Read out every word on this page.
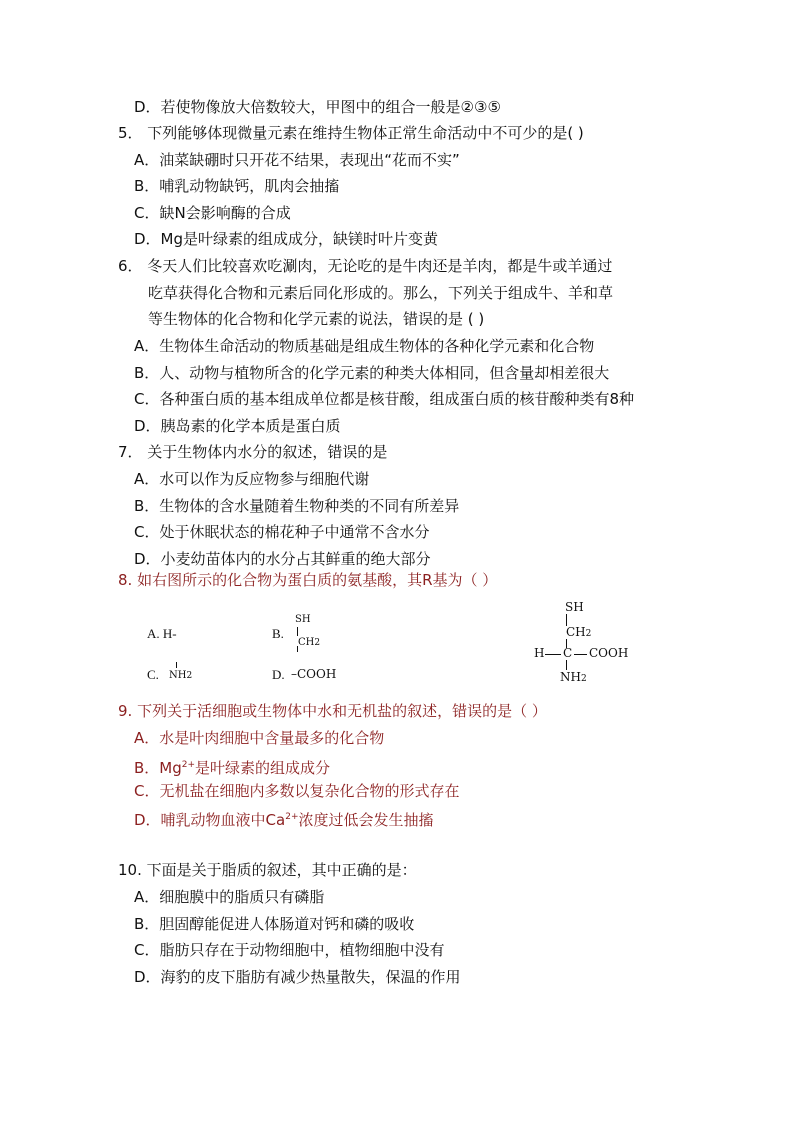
D．若使物像放大倍数较大，甲图中的组合一般是②③⑤
5． 下列能够体现微量元素在维持生物体正常生命活动中不可少的是( )
A．油菜缺硼时只开花不结果，表现出“花而不实”
B．哺乳动物缺钙，肌肉会抽搐
C．缺N会影响酶的合成
D．Mg是叶绿素的组成成分，缺镁时叶片变黄
6． 冬天人们比较喜欢吃涮肉，无论吃的是牛肉还是羊肉，都是牛或羊通过
吃草获得化合物和元素后同化形成的。那么，下列关于组成牛、羊和草
等生物体的化合物和化学元素的说法，错误的是 ( )
A．生物体生命活动的物质基础是组成生物体的各种化学元素和化合物
B．人、动物与植物所含的化学元素的种类大体相同，但含量却相差很大
C．各种蛋白质的基本组成单位都是核苷酸，组成蛋白质的核苷酸种类有8种
D．胰岛素的化学本质是蛋白质
7． 关于生物体内水分的叙述，错误的是
A．水可以作为反应物参与细胞代谢
B．生物体的含水量随着生物种类的不同有所差异
C．处于休眠状态的棉花种子中通常不含水分
D．小麦幼苗体内的水分占其鲜重的绝大部分
8. 如右图所示的化合物为蛋白质的氨基酸，其R基为（ ）
A. H-	B.
SH
CH2
C. NH2	D. –COOH
SH
CH2
H C COOH
NH2
9. 下列关于活细胞或生物体中水和无机盐的叙述，错误的是（ ）
A．水是叶肉细胞中含量最多的化合物
B．$Mg^{2+}$是叶绿素的组成成分
C．无机盐在细胞内多数以复杂化合物的形式存在
D．哺乳动物血液中$Ca^{2+}$浓度过低会发生抽搐
10. 下面是关于脂质的叙述，其中正确的是：
A．细胞膜中的脂质只有磷脂
B．胆固醇能促进人体肠道对钙和磷的吸收
C．脂肪只存在于动物细胞中，植物细胞中没有
D．海豹的皮下脂肪有减少热量散失，保温的作用
